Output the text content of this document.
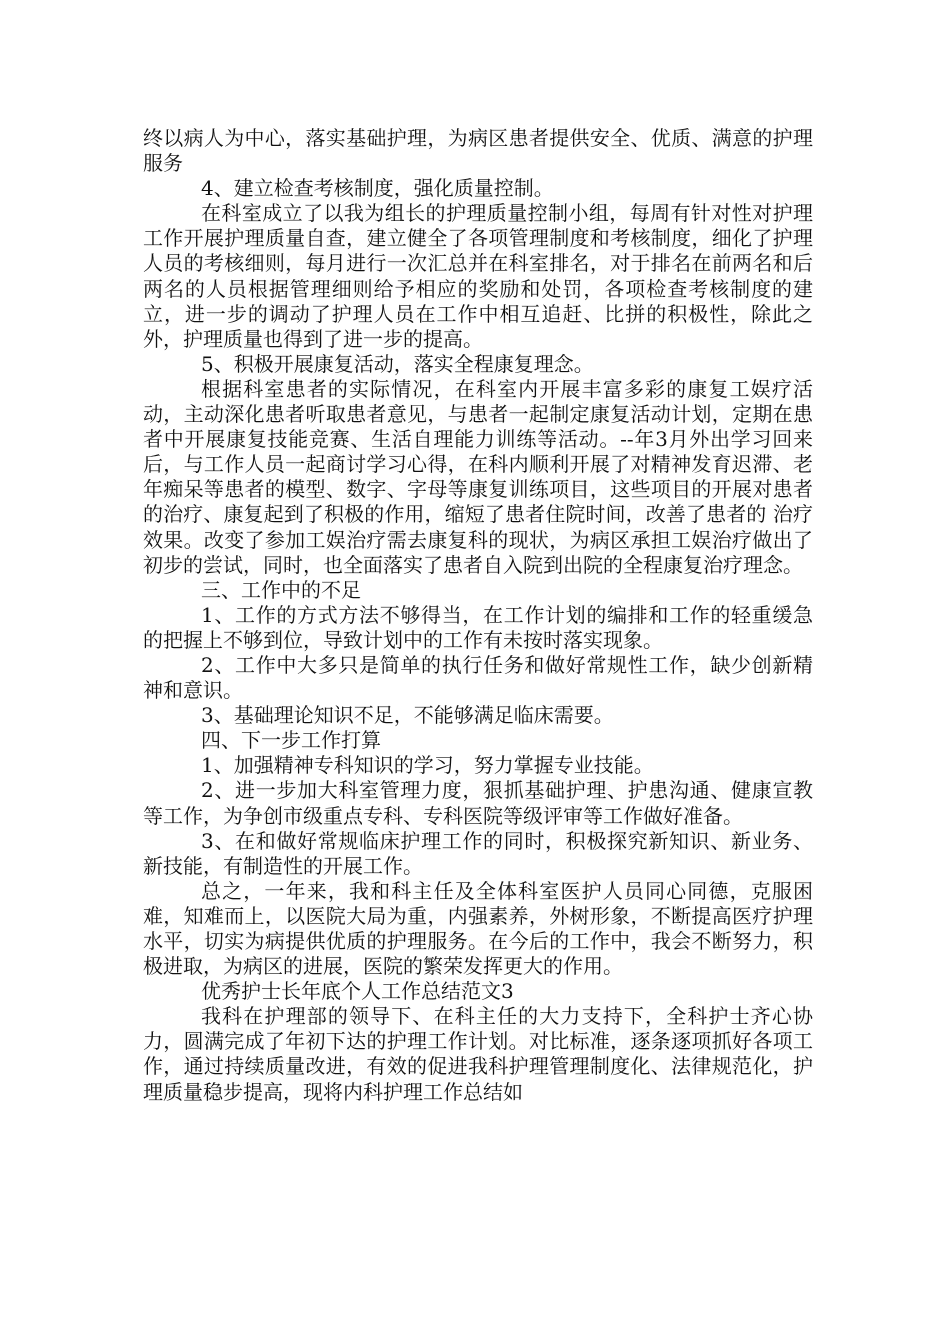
终以病人为中心，落实基础护理，为病区患者提供安全、优质、满意的护理服务

4、建立检查考核制度，强化质量控制。

在科室成立了以我为组长的护理质量控制小组，每周有针对性对护理工作开展护理质量自查，建立健全了各项管理制度和考核制度，细化了护理人员的考核细则，每月进行一次汇总并在科室排名，对于排名在前两名和后两名的人员根据管理细则给予相应的奖励和处罚，各项检查考核制度的建立，进一步的调动了护理人员在工作中相互追赶、比拼的积极性，除此之外，护理质量也得到了进一步的提高。

5、积极开展康复活动，落实全程康复理念。

根据科室患者的实际情况，在科室内开展丰富多彩的康复工娱疗活动，主动深化患者听取患者意见，与患者一起制定康复活动计划，定期在患者中开展康复技能竞赛、生活自理能力训练等活动。--年3月外出学习回来后，与工作人员一起商讨学习心得，在科内顺利开展了对精神发育迟滞、老年痴呆等患者的模型、数字、字母等康复训练项目，这些项目的开展对患者的治疗、康复起到了积极的作用，缩短了患者住院时间，改善了患者的 治疗效果。改变了参加工娱治疗需去康复科的现状，为病区承担工娱治疗做出了初步的尝试，同时，也全面落实了患者自入院到出院的全程康复治疗理念。

三、工作中的不足

1、工作的方式方法不够得当，在工作计划的编排和工作的轻重缓急的把握上不够到位，导致计划中的工作有未按时落实现象。

2、工作中大多只是简单的执行任务和做好常规性工作，缺少创新精神和意识。

3、基础理论知识不足，不能够满足临床需要。

四、下一步工作打算

1、加强精神专科知识的学习，努力掌握专业技能。

2、进一步加大科室管理力度，狠抓基础护理、护患沟通、健康宣教等工作，为争创市级重点专科、专科医院等级评审等工作做好准备。

3、在和做好常规临床护理工作的同时，积极探究新知识、新业务、新技能，有制造性的开展工作。

总之，一年来，我和科主任及全体科室医护人员同心同德，克服困难，知难而上，以医院大局为重，内强素养，外树形象，不断提高医疗护理水平，切实为病提供优质的护理服务。在今后的工作中，我会不断努力，积极进取，为病区的进展，医院的繁荣发挥更大的作用。

优秀护士长年底个人工作总结范文3

我科在护理部的领导下、在科主任的大力支持下，全科护士齐心协力，圆满完成了年初下达的护理工作计划。对比标准，逐条逐项抓好各项工作，通过持续质量改进，有效的促进我科护理管理制度化、法律规范化，护理质量稳步提高，现将内科护理工作总结如
